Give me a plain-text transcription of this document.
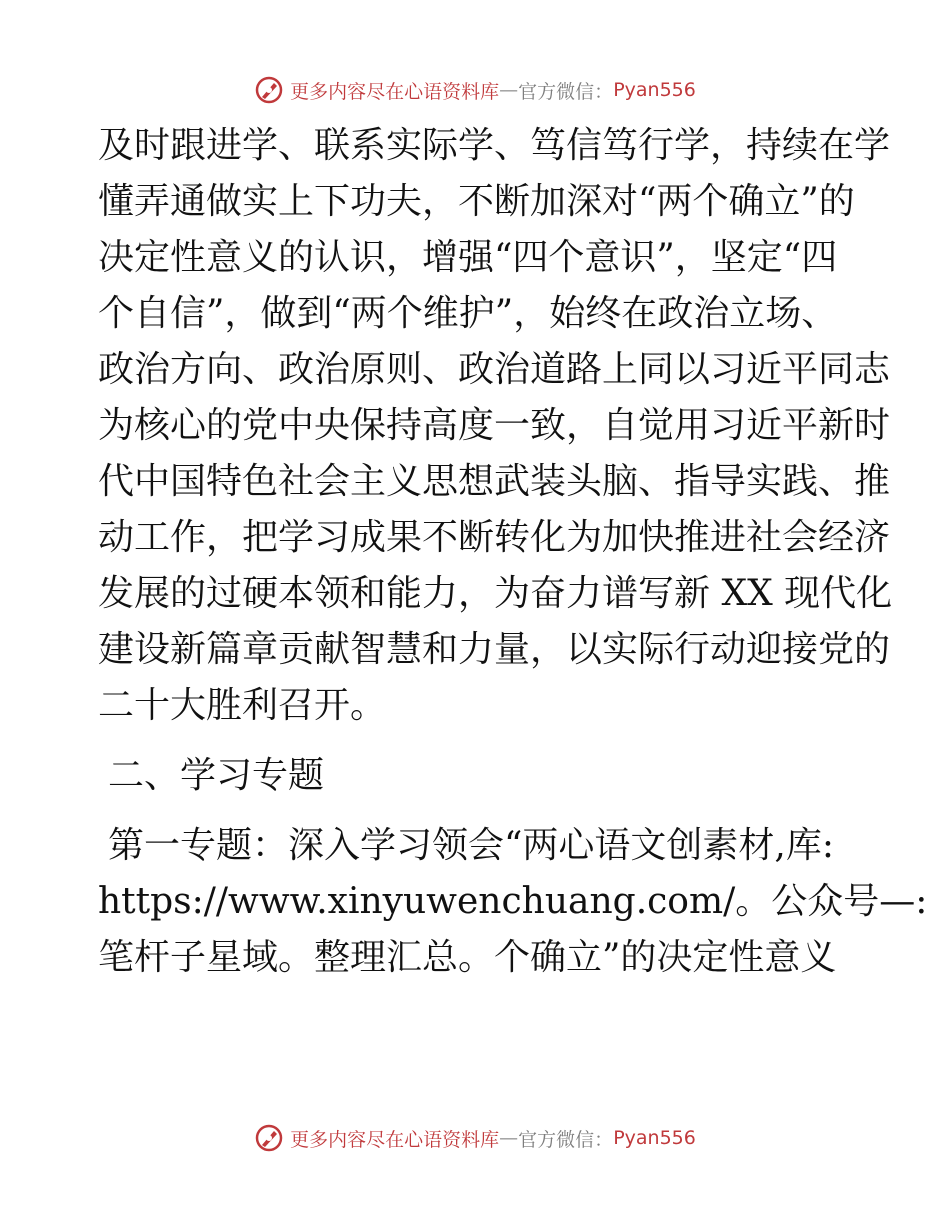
更多内容尽在心语资料库 — 官方微信： Pyan556
及时跟进学、联系实际学、笃信笃行学，持续在学
懂弄通做实上下功夫，不断加深对“两个确立”的
决定性意义的认识，增强“四个意识”，坚定“四
个自信”，做到“两个维护”，始终在政治立场、
政治方向、政治原则、政治道路上同以习近平同志
为核心的党中央保持高度一致，自觉用习近平新时
代中国特色社会主义思想武装头脑、指导实践、推
动工作，把学习成果不断转化为加快推进社会经济
发展的过硬本领和能力，为奋力谱写新 XX 现代化
建设新篇章贡献智慧和力量，以实际行动迎接党的
二十大胜利召开。
二、学习专题
第一专题：深入学习领会“两心语文创素材,库:
https://www.xinyuwenchuang.com/。公众号—:
笔杆子星域。整理汇总。个确立”的决定性意义
更多内容尽在心语资料库 — 官方微信： Pyan556
